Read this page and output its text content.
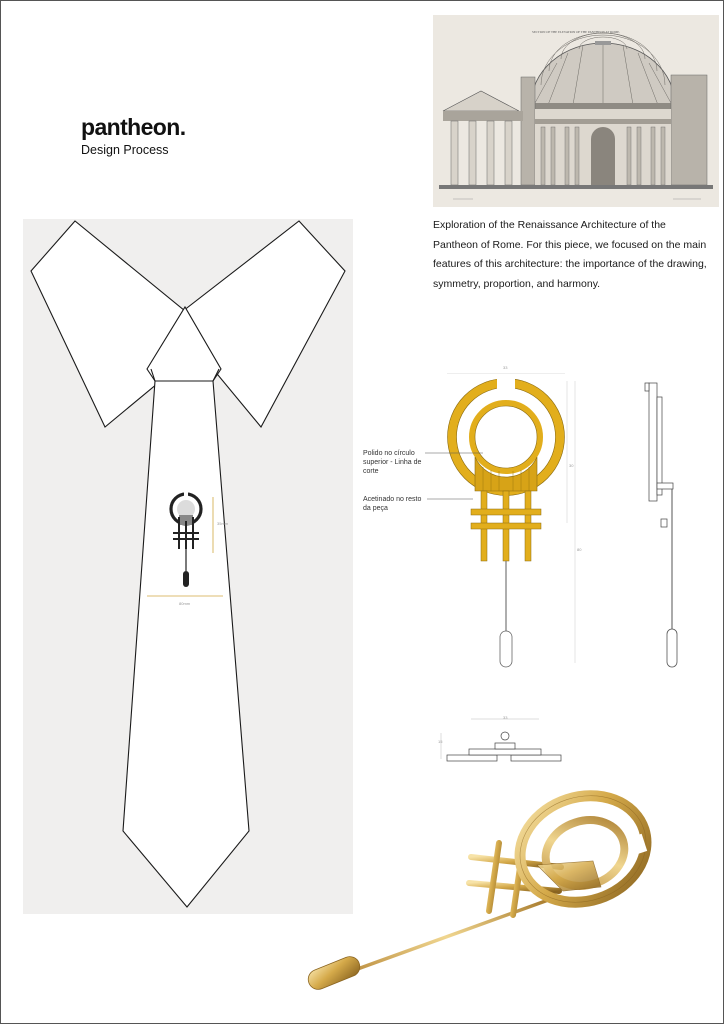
pantheon.
Design Process
SECTION OF THE ELEVATION OF THE PANTHEON AT ROME.
Exploration of the Renaissance Architecture of the Pantheon of Rome. For this piece, we focused on the main features of this architecture: the importance of the drawing, symmetry, proportion, and harmony.
35mm
80mm
33
30
80
Polido no círculo superior - Linha de corte
Acetinado no resto da peça
33
15
